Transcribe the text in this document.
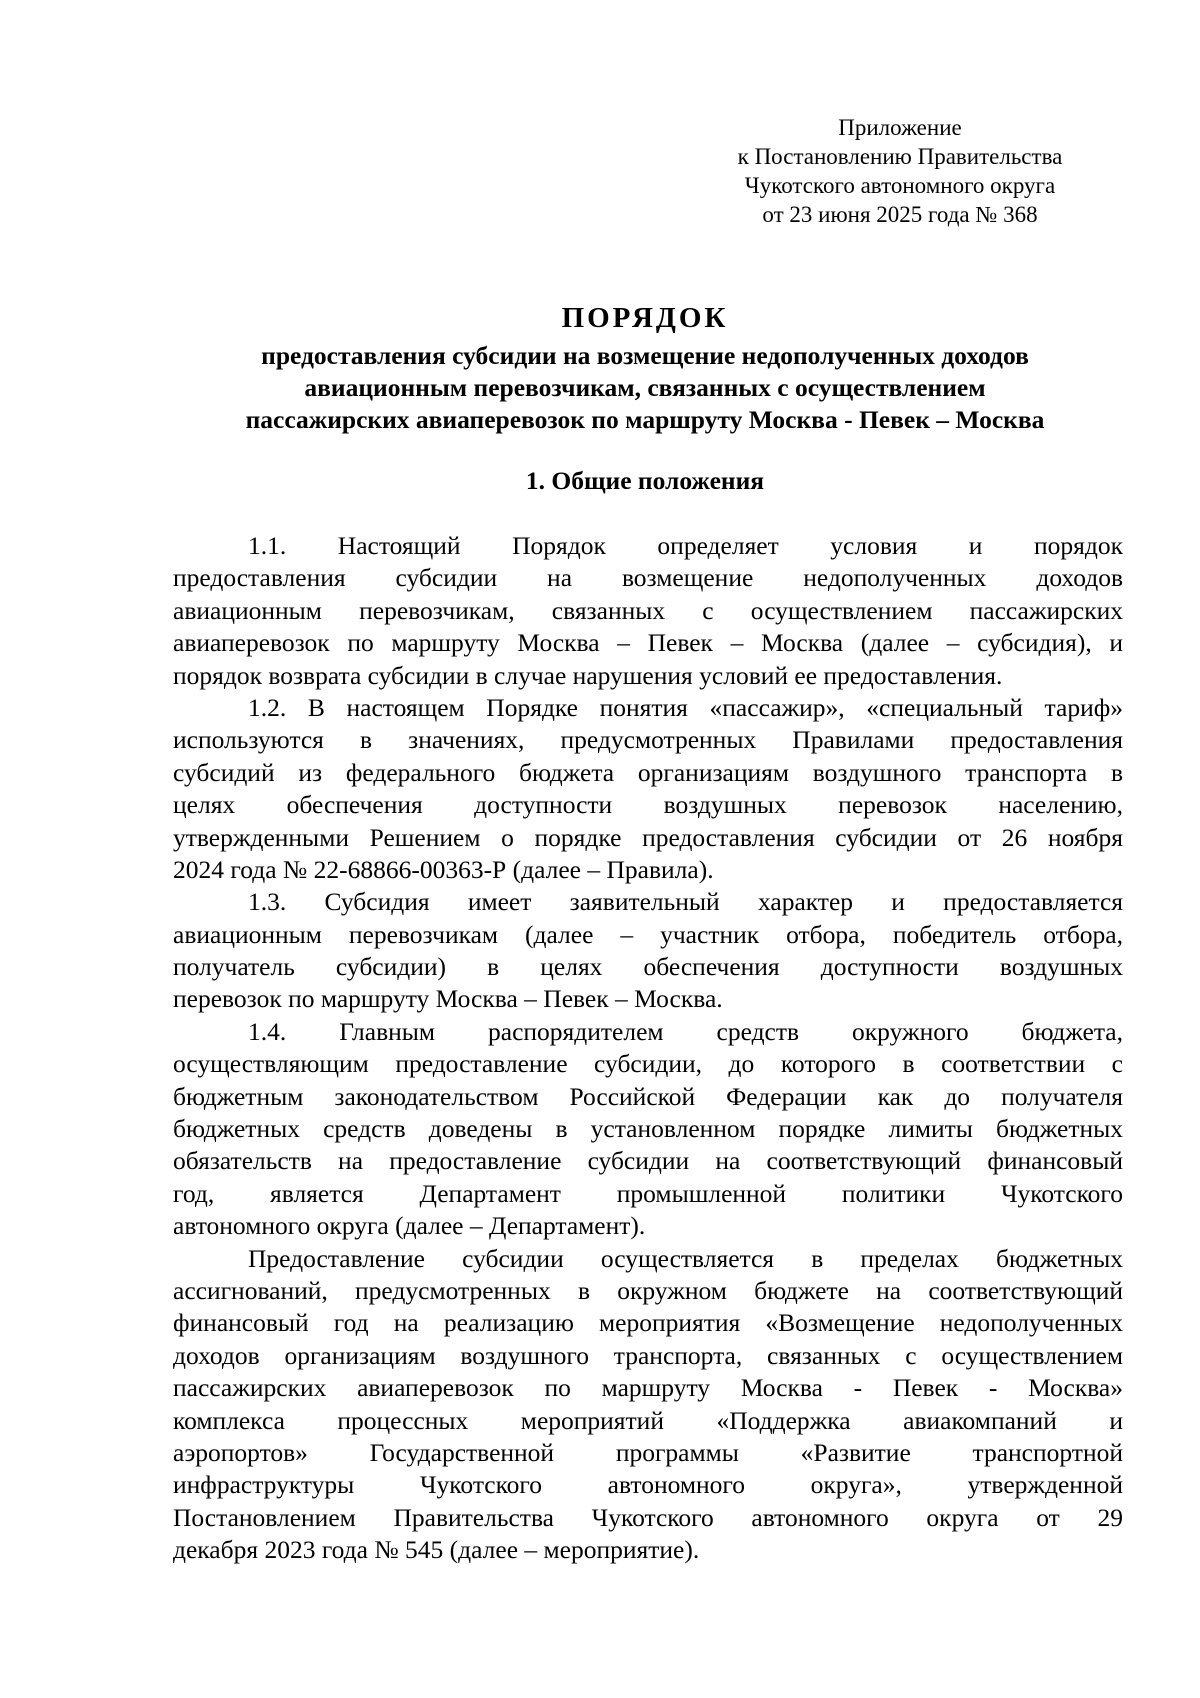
Приложение
к Постановлению Правительства
Чукотского автономного округа
от 23 июня 2025 года № 368
ПОРЯДОК
предоставления субсидии на возмещение недополученных доходов
авиационным перевозчикам, связанных с осуществлением
пассажирских авиаперевозок по маршруту Москва - Певек – Москва
1. Общие положения
1.1. Настоящий Порядок определяет условия и порядок
предоставления субсидии на возмещение недополученных доходов
авиационным перевозчикам, связанных с осуществлением пассажирских
авиаперевозок по маршруту Москва – Певек – Москва (далее – субсидия), и
порядок возврата субсидии в случае нарушения условий ее предоставления.
1.2. В настоящем Порядке понятия «пассажир», «специальный тариф»
используются в значениях, предусмотренных Правилами предоставления
субсидий из федерального бюджета организациям воздушного транспорта в
целях обеспечения доступности воздушных перевозок населению,
утвержденными Решением о порядке предоставления субсидии от 26 ноября
2024 года № 22-68866-00363-Р (далее – Правила).
1.3. Субсидия имеет заявительный характер и предоставляется
авиационным перевозчикам (далее – участник отбора, победитель отбора,
получатель субсидии) в целях обеспечения доступности воздушных
перевозок по маршруту Москва – Певек – Москва.
1.4. Главным распорядителем средств окружного бюджета,
осуществляющим предоставление субсидии, до которого в соответствии с
бюджетным законодательством Российской Федерации как до получателя
бюджетных средств доведены в установленном порядке лимиты бюджетных
обязательств на предоставление субсидии на соответствующий финансовый
год, является Департамент промышленной политики Чукотского
автономного округа (далее – Департамент).
Предоставление субсидии осуществляется в пределах бюджетных
ассигнований, предусмотренных в окружном бюджете на соответствующий
финансовый год на реализацию мероприятия «Возмещение недополученных
доходов организациям воздушного транспорта, связанных с осуществлением
пассажирских авиаперевозок по маршруту Москва - Певек - Москва»
комплекса процессных мероприятий «Поддержка авиакомпаний и
аэропортов» Государственной программы «Развитие транспортной
инфраструктуры Чукотского автономного округа», утвержденной
Постановлением Правительства Чукотского автономного округа от 29
декабря 2023 года № 545 (далее – мероприятие).
